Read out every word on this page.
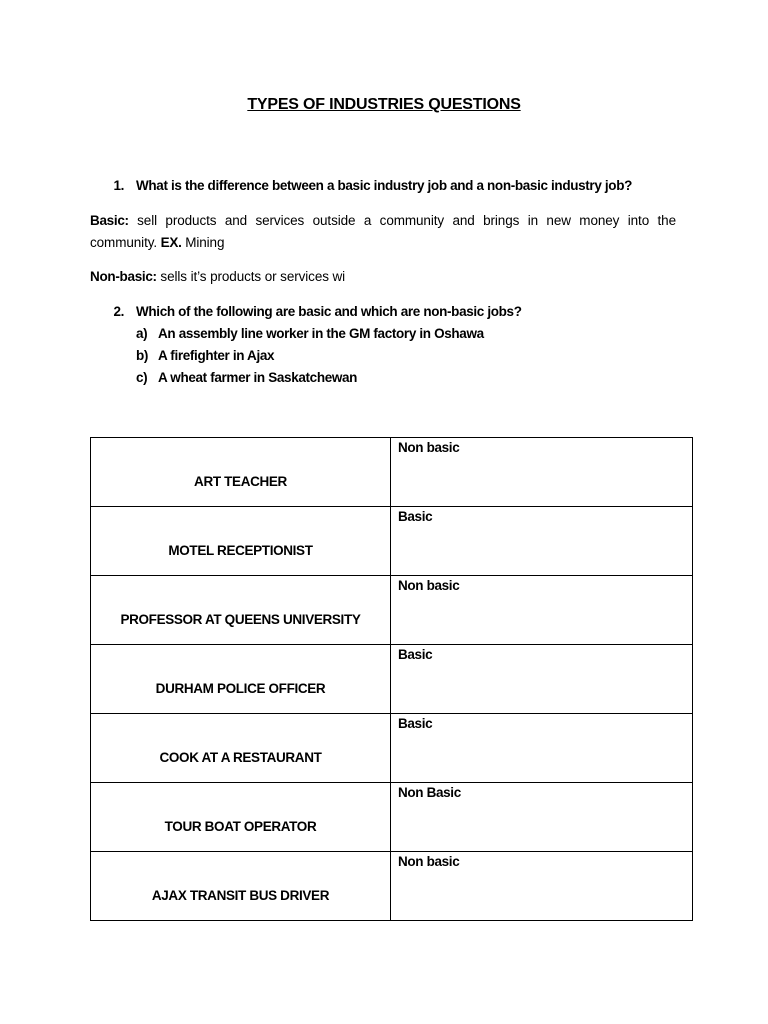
TYPES OF INDUSTRIES QUESTIONS
1. What is the difference between a basic industry job and a non-basic industry job?
Basic: sell products and services outside a community and brings in new money into the
community. EX. Mining
Non-basic: sells it’s products or services wi
2. Which of the following are basic and which are non-basic jobs?
a) An assembly line worker in the GM factory in Oshawa
b) A firefighter in Ajax
c) A wheat farmer in Saskatchewan
ART TEACHER	Non basic

MOTEL RECEPTIONIST	Basic

PROFESSOR AT QUEENS UNIVERSITY	Non basic

DURHAM POLICE OFFICER	Basic

COOK AT A RESTAURANT	Basic

TOUR BOAT OPERATOR	Non Basic

AJAX TRANSIT BUS DRIVER	Non basic
